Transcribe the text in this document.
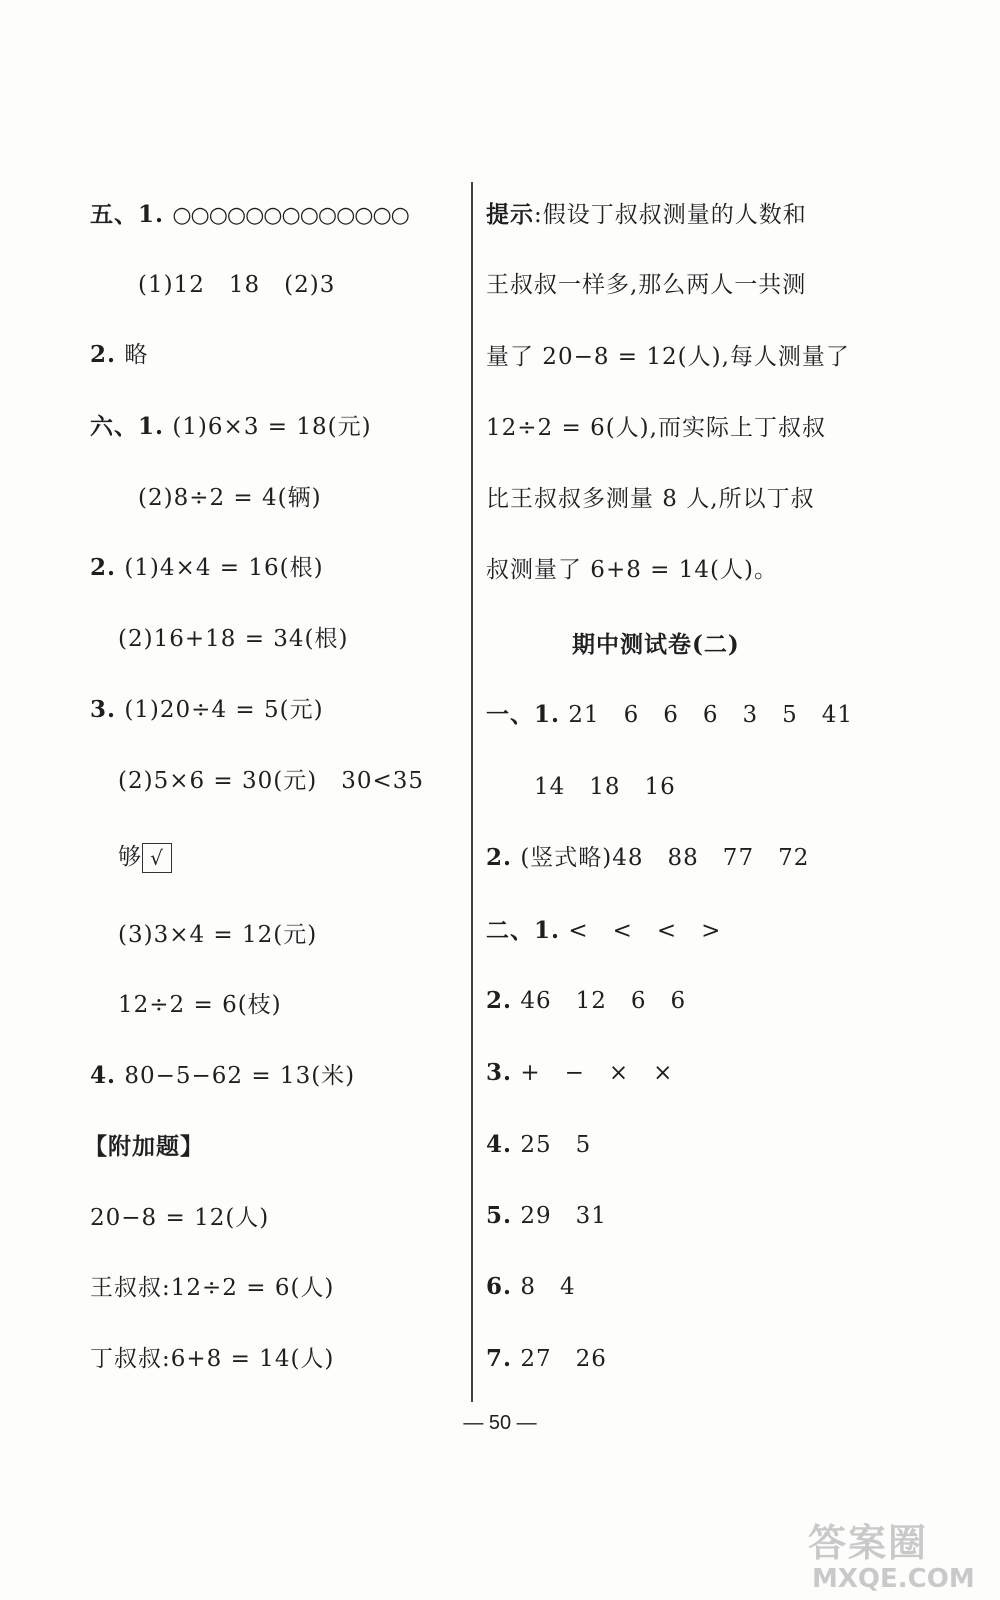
五、1. ○○○○○○○○○○○○○
(1)12　18　(2)3
2. 略
六、1. (1)6×3 = 18(元)
(2)8÷2 = 4(辆)
2. (1)4×4 = 16(根)
(2)16+18 = 34(根)
3. (1)20÷4 = 5(元)
(2)5×6 = 30(元)　30<35
够 √
(3)3×4 = 12(元)
12÷2 = 6(枝)
4. 80−5−62 = 13(米)
【附加题】
20−8 = 12(人)
王叔叔:12÷2 = 6(人)
丁叔叔:6+8 = 14(人)
提示:假设丁叔叔测量的人数和
王叔叔一样多,那么两人一共测
量了 20−8 = 12(人),每人测量了
12÷2 = 6(人),而实际上丁叔叔
比王叔叔多测量 8 人,所以丁叔
叔测量了 6+8 = 14(人)。
期中测试卷(二)
一、1. 21　6　6　6　3　5　41
14　18　16
2. (竖式略)48　88　77　72
二、1. <　<　<　>
2. 46　12　6　6
3. +　−　×　×
4. 25　5
5. 29　31
6. 8　4
7. 27　26
— 50 —
答案圈
MXQE.COM
